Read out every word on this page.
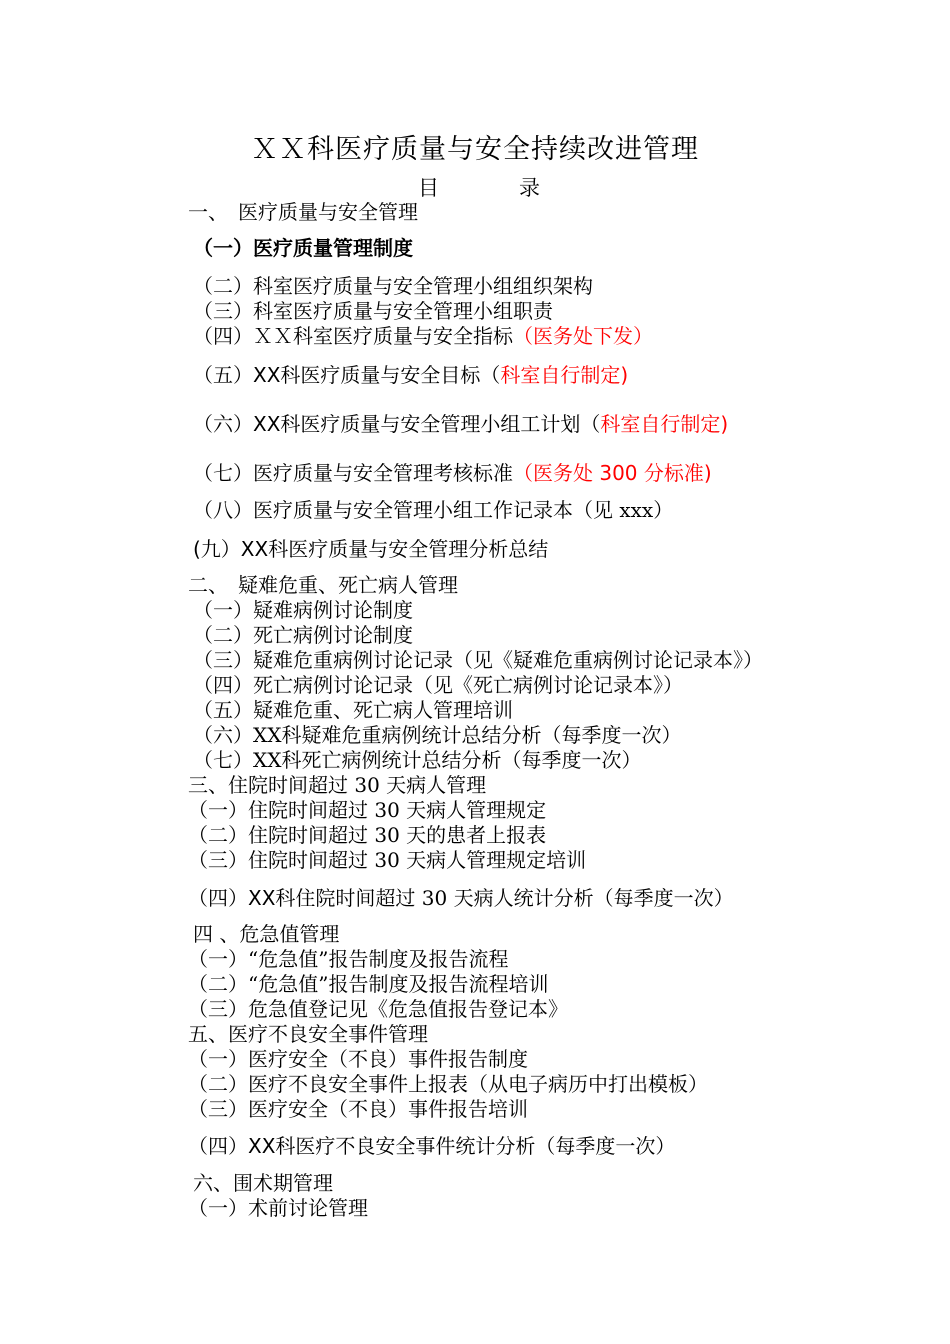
ＸＸ科医疗质量与安全持续改进管理
目	录
一、　医疗质量与安全管理
（一）医疗质量管理制度
（二）科室医疗质量与安全管理小组组织架构
（三）科室医疗质量与安全管理小组职责
（四）ＸＸ科室医疗质量与安全指标（医务处下发）
（五）XX科医疗质量与安全目标（科室自行制定)
（六）XX科医疗质量与安全管理小组工计划（科室自行制定)
（七）医疗质量与安全管理考核标准（医务处 300 分标准)
（八）医疗质量与安全管理小组工作记录本（见 xxx）
(九）XX科医疗质量与安全管理分析总结
二、　疑难危重、死亡病人管理
（一）疑难病例讨论制度
（二）死亡病例讨论制度
（三）疑难危重病例讨论记录（见《疑难危重病例讨论记录本》）
（四）死亡病例讨论记录（见《死亡病例讨论记录本》）
（五）疑难危重、死亡病人管理培训
（六）XX科疑难危重病例统计总结分析（每季度一次）
（七）XX科死亡病例统计总结分析（每季度一次）
三、住院时间超过 30 天病人管理
（一）住院时间超过 30 天病人管理规定
（二）住院时间超过 30 天的患者上报表
（三）住院时间超过 30 天病人管理规定培训
（四）XX科住院时间超过 30 天病人统计分析（每季度一次）
四 、危急值管理
（一）“危急值”报告制度及报告流程
（二）“危急值”报告制度及报告流程培训
（三）危急值登记见《危急值报告登记本》
五、医疗不良安全事件管理
（一）医疗安全（不良）事件报告制度
（二）医疗不良安全事件上报表（从电子病历中打出模板）
（三）医疗安全（不良）事件报告培训
（四）XX科医疗不良安全事件统计分析（每季度一次）
六、围术期管理
（一）术前讨论管理
